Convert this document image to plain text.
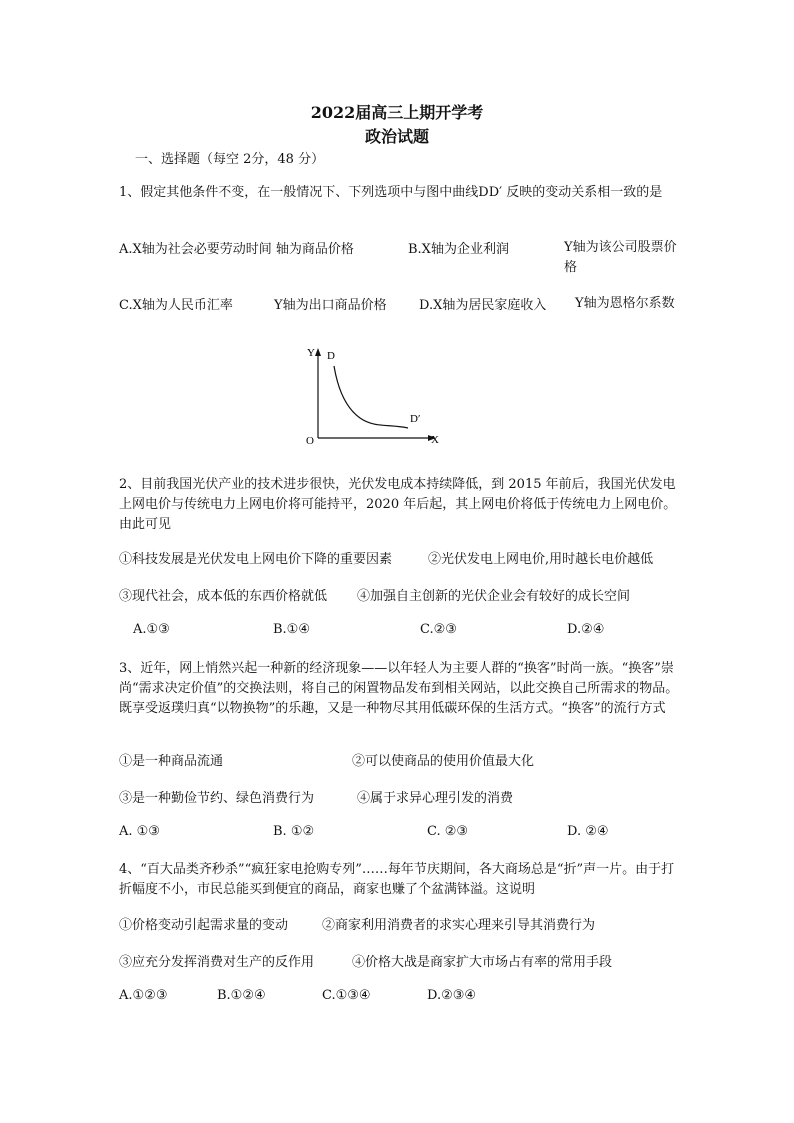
2022届高三上期开学考
政治试题
一、选择题（每空 2分，48 分）
1、假定其他条件不变，在一般情况下、下列选项中与图中曲线DD′ 反映的变动关系相一致的是
A.X轴为社会必要劳动时间 轴为商品价格	B.X轴为企业利润	Y轴为该公司股票价格
C.X轴为人民币汇率	Y轴为出口商品价格 D.X轴为居民家庭收入 Y轴为恩格尔系数
Y
X
O
D
D′
2、目前我国光伏产业的技术进步很快，光伏发电成本持续降低，到 2015 年前后，我国光伏发电上网电价与传统电力上网电价将可能持平，2020 年后起，其上网电价将低于传统电力上网电价。由此可见
①科技发展是光伏发电上网电价下降的重要因素	②光伏发电上网电价,用时越长电价越低
③现代社会，成本低的东西价格就低 ④加强自主创新的光伏企业会有较好的成长空间
A.①③	B.①④	C.②③	D.②④
3、近年，网上悄然兴起一种新的经济现象——以年轻人为主要人群的“换客”时尚一族。“换客”崇尚“需求决定价值”的交换法则，将自己的闲置物品发布到相关网站，以此交换自己所需求的物品。既享受返璞归真“以物换物”的乐趣，又是一种物尽其用低碳环保的生活方式。“换客”的流行方式
①是一种商品流通	②可以使商品的使用价值最大化
③是一种勤俭节约、绿色消费行为	④属于求异心理引发的消费
A. ①③	B. ①②	C. ②③	D. ②④
4、“百大品类齐秒杀”“疯狂家电抢购专列”……每年节庆期间，各大商场总是“折”声一片。由于打折幅度不小，市民总能买到便宜的商品，商家也赚了个盆满钵溢。这说明
①价格变动引起需求量的变动	②商家利用消费者的求实心理来引导其消费行为
③应充分发挥消费对生产的反作用	④价格大战是商家扩大市场占有率的常用手段
A.①②③	B.①②④	C.①③④	D.②③④
